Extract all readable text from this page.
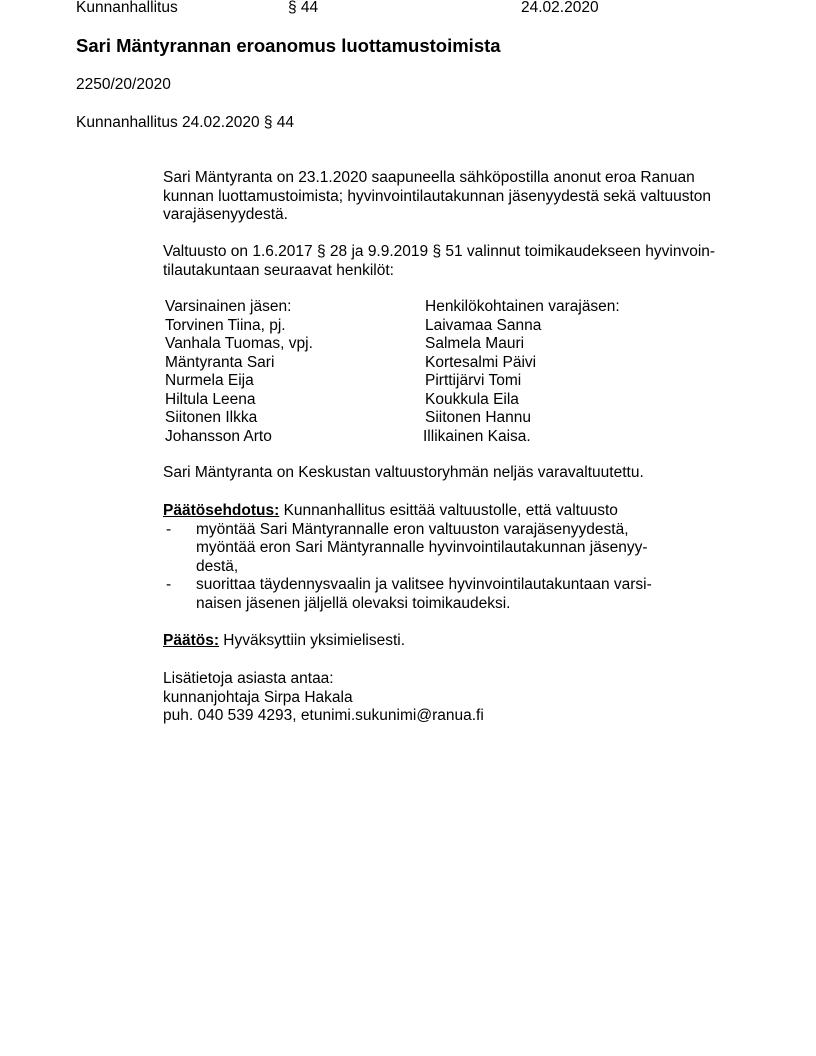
Kunnanhallitus	§ 44	24.02.2020
Sari Mäntyrannan eroanomus luottamustoimista
2250/20/2020
Kunnanhallitus 24.02.2020 § 44
Sari Mäntyranta on 23.1.2020 saapuneella sähköpostilla anonut eroa Ranuan
kunnan luottamustoimista; hyvinvointilautakunnan jäsenyydestä sekä valtuuston
varajäsenyydestä.
Valtuusto on 1.6.2017 § 28 ja 9.9.2019 § 51 valinnut toimikaudekseen hyvinvoin-
tilautakuntaan seuraavat henkilöt:
Varsinainen jäsen:	Henkilökohtainen varajäsen:
Torvinen Tiina, pj.	Laivamaa Sanna
Vanhala Tuomas, vpj.	Salmela Mauri
Mäntyranta Sari	Kortesalmi Päivi
Nurmela Eija	Pirttijärvi Tomi
Hiltula Leena	Koukkula Eila
Siitonen Ilkka	Siitonen Hannu
Johansson Arto	Illikainen Kaisa.
Sari Mäntyranta on Keskustan valtuustoryhmän neljäs varavaltuutettu.
Päätösehdotus: Kunnanhallitus esittää valtuustolle, että valtuusto
-	myöntää Sari Mäntyrannalle eron valtuuston varajäsenyydestä,
myöntää eron Sari Mäntyrannalle hyvinvointilautakunnan jäsenyy-
destä,
-	suorittaa täydennysvaalin ja valitsee hyvinvointilautakuntaan varsi-
naisen jäsenen jäljellä olevaksi toimikaudeksi.
Päätös: Hyväksyttiin yksimielisesti.
Lisätietoja asiasta antaa:
kunnanjohtaja Sirpa Hakala
puh. 040 539 4293, etunimi.sukunimi@ranua.fi
